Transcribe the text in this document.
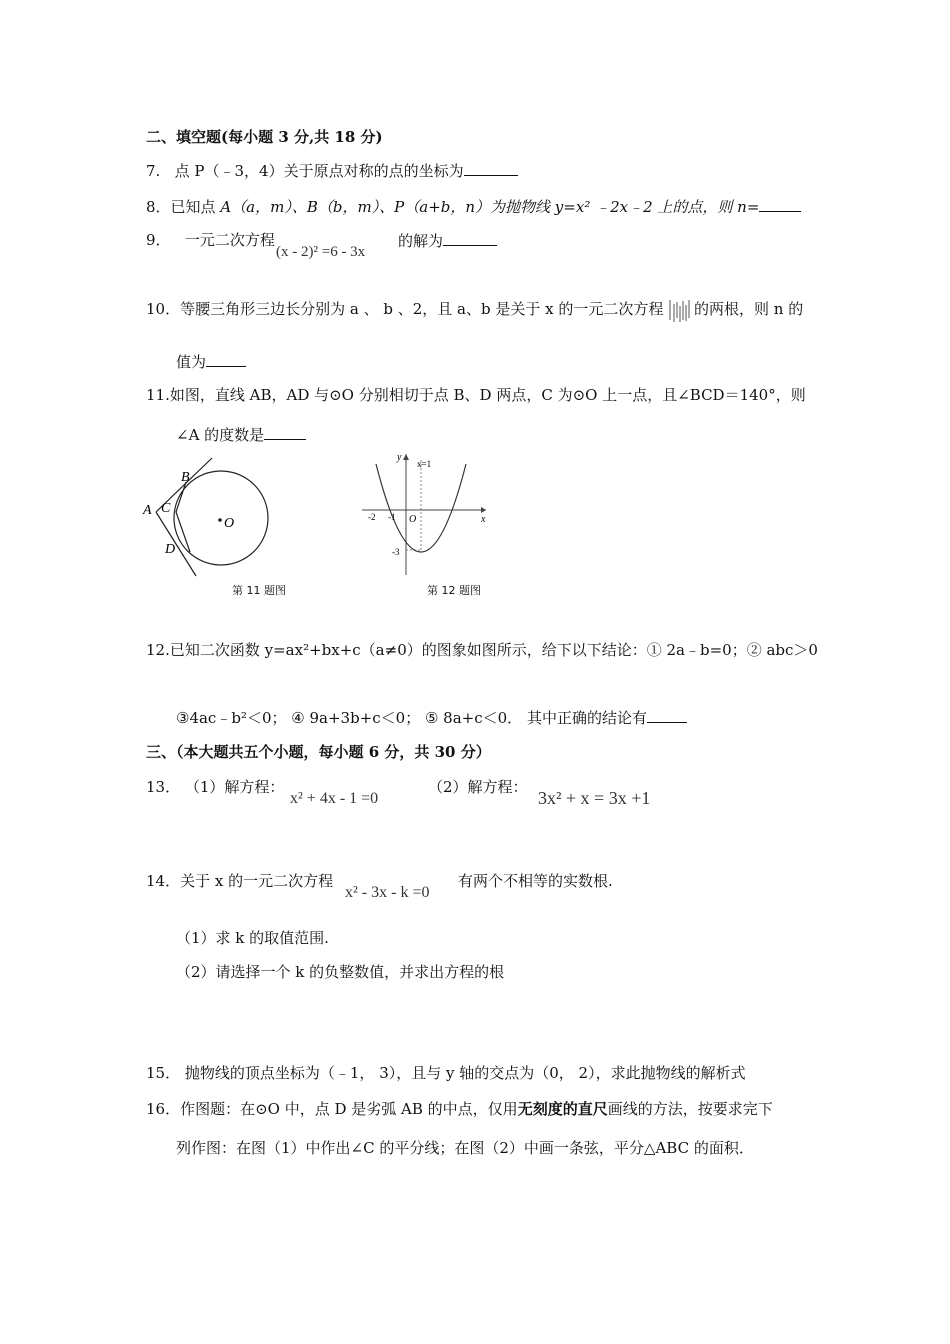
二、填空题(每小题 3 分,共 18 分)
7. 点 P（﹣3，4）关于原点对称的点的坐标为
8．已知点 A（a，m）、B（b，m）、P（a+b，n）为抛物线 y=x² ﹣2x﹣2 上的点，则 n=
9． 一元二次方程
(x - 2)² =6 - 3x
的解为
10．等腰三角形三边长分别为 a 、 b 、2，且 a、b 是关于 x 的一元二次方程 的两根，则 n 的
值为
11.如图，直线 AB，AD 与⊙O 分别相切于点 B、D 两点，C 为⊙O 上一点，且∠BCD＝140°，则
∠A 的度数是
B
A C
D
O
第 11 题图
y
x
x=1
O
-2 -1
-3
第 12 题图
12.已知二次函数 y=ax²+bx+c（a≠0）的图象如图所示，给下以下结论：① 2a﹣b=0；② abc＞0
③4ac﹣b²＜0； ④ 9a+3b+c＜0； ⑤ 8a+c＜0． 其中正确的结论有
三、（本大题共五个小题，每小题 6 分，共 30 分）
13． （1）解方程：
x² + 4x - 1 =0
（2）解方程：
3x² + x = 3x +1
14．关于 x 的一元二次方程
x² - 3x - k =0
有两个不相等的实数根.
（1）求 k 的取值范围.
（2）请选择一个 k 的负整数值，并求出方程的根
15． 抛物线的顶点坐标为（﹣1， 3），且与 y 轴的交点为（0， 2），求此抛物线的解析式
16．作图题：在⊙O 中，点 D 是劣弧 AB 的中点，仅用无刻度的直尺画线的方法，按要求完下
列作图：在图（1）中作出∠C 的平分线；在图（2）中画一条弦，平分△ABC 的面积．
